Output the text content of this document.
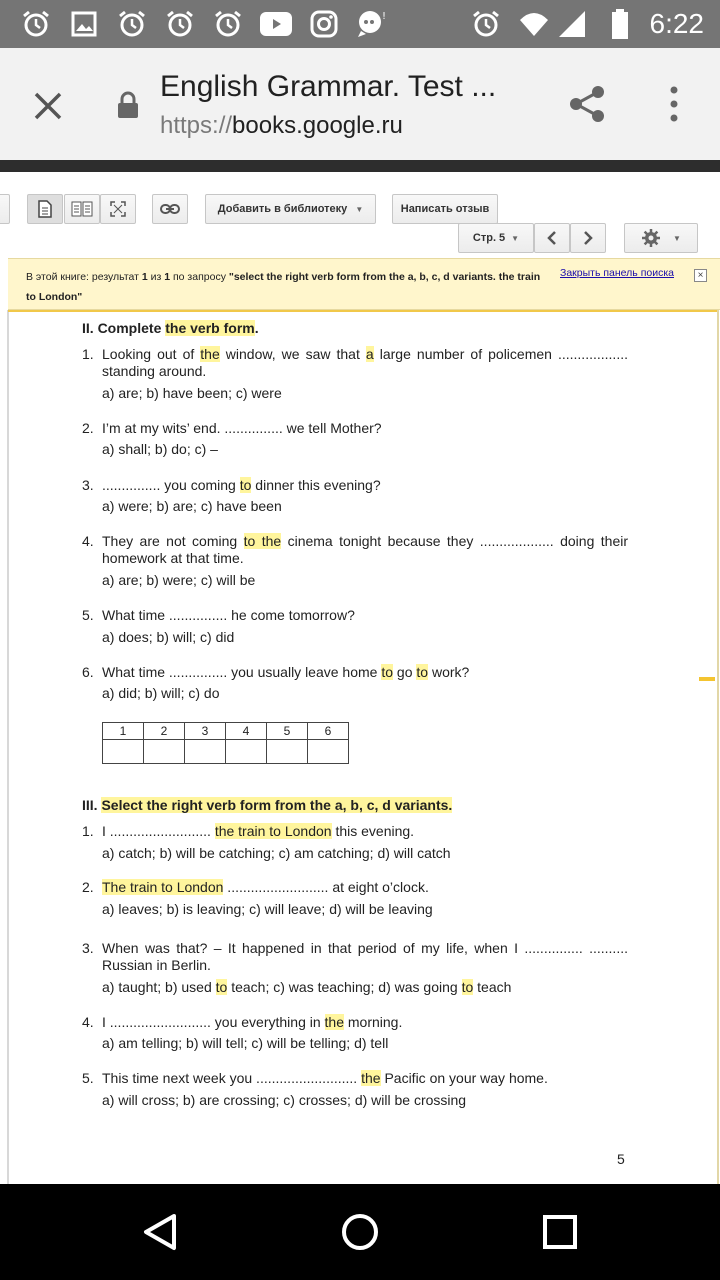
!	6:22
English Grammar. Test ...
https://books.google.ru
Добавить в библиотеку ▼	Написать отзыв
Стр. 5 ▼	▼
В этой книге: результат 1 из 1 по запросу "select the right verb form from the a, b, c, d variants. the train to London"
Закрыть панель поиска	×
II. Complete the verb form.
1. Looking out of the window, we saw that a large number of policemen .................. standing around.
a) are; b) have been; c) were
2. I’m at my wits’ end. ............... we tell Mother?
a) shall; b) do; c) –
3. ............... you coming to dinner this evening?
a) were; b) are; c) have been
4. They are not coming to the cinema tonight because they ................... doing their homework at that time.
a) are; b) were; c) will be
5. What time ............... he come tomorrow?
a) does; b) will; c) did
6. What time ............... you usually leave home to go to work?
a) did; b) will; c) do
1	2	3	4	5	6

III. Select the right verb form from the a, b, c, d variants.
1. I .......................... the train to London this evening.
a) catch; b) will be catching; c) am catching; d) will catch
2. The train to London .......................... at eight o’clock.
a) leaves; b) is leaving; c) will leave; d) will be leaving
3. When was that? – It happened in that period of my life, when I ............... .......... Russian in Berlin.
a) taught; b) used to teach; c) was teaching; d) was going to teach
4. I .......................... you everything in the morning.
a) am telling; b) will tell; c) will be telling; d) tell
5. This time next week you .......................... the Pacific on your way home.
a) will cross; b) are crossing; c) crosses; d) will be crossing
5
